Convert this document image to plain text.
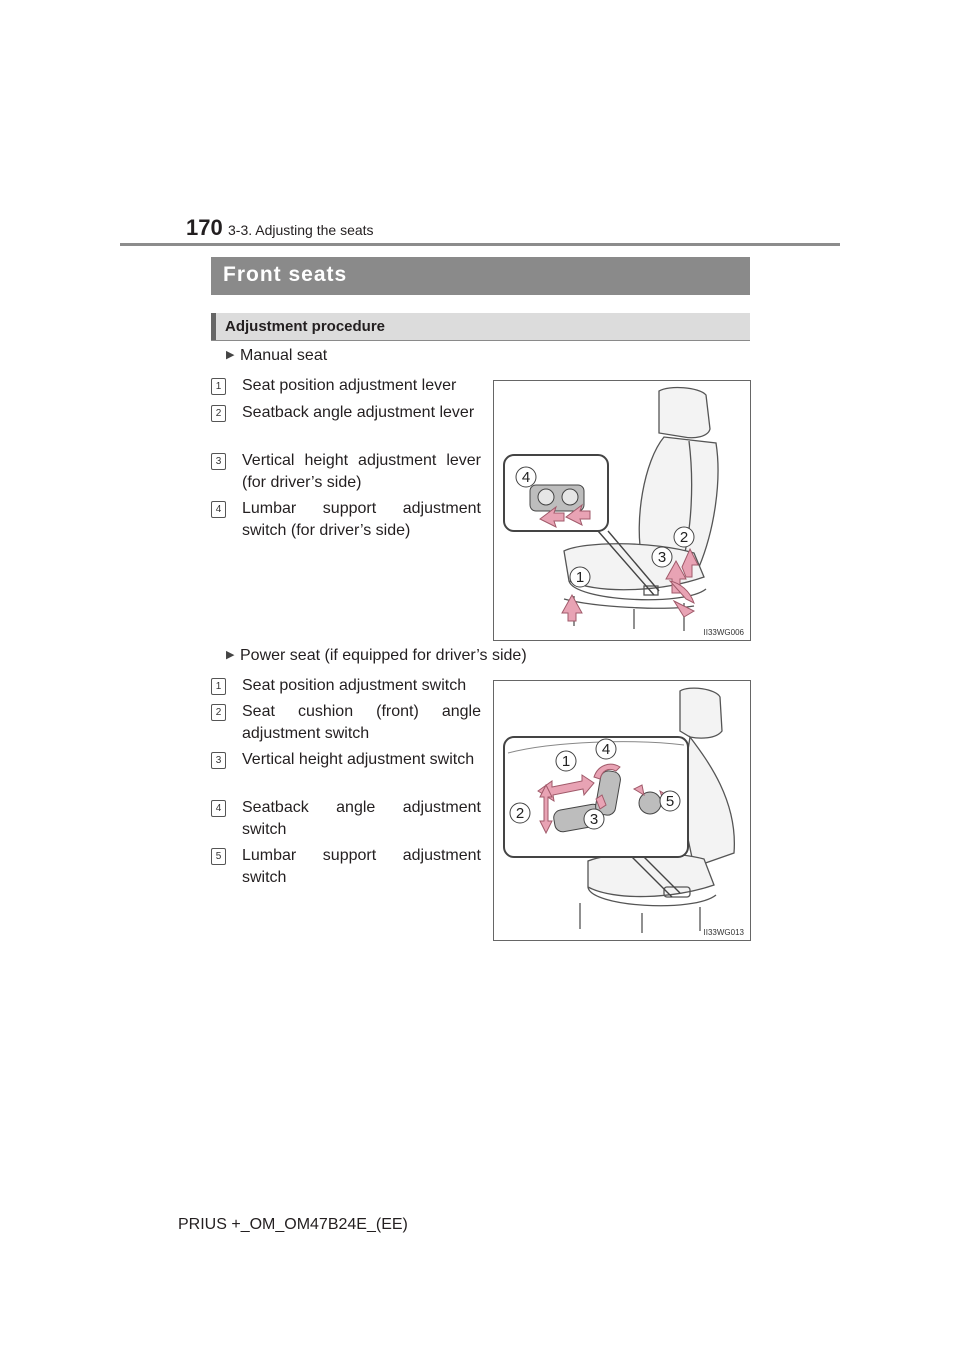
170 3-3. Adjusting the seats
Front seats
Adjustment procedure
▶ Manual seat
1 Seat position adjustment lever
2 Seatback angle adjustment lever
3 Vertical height adjustment lever (for driver’s side)
4 Lumbar support adjustment switch (for driver’s side)
4
2
3
1
II33WG006
▶ Power seat (if equipped for driver’s side)
1 Seat position adjustment switch
2 Seat cushion (front) angle adjustment switch
3 Vertical height adjustment switch
4 Seatback angle adjustment switch
5 Lumbar support adjustment switch
1
2	3
4
5
II33WG013
PRIUS +_OM_OM47B24E_(EE)
